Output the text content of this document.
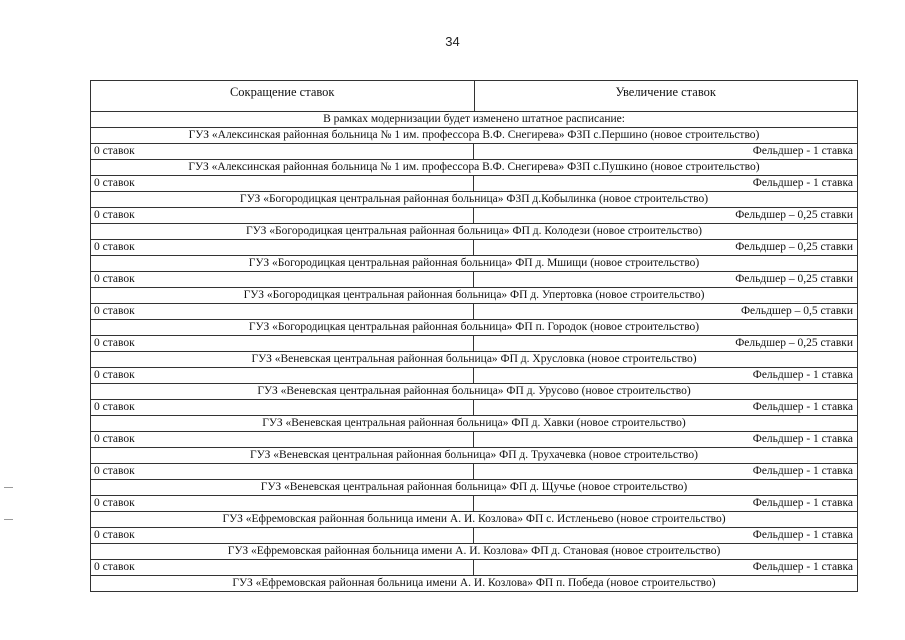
34
Сокращение ставок	Увеличение ставок
В рамках модернизации будет изменено штатное расписание:
ГУЗ «Алексинская районная больница № 1 им. профессора В.Ф. Снегирева» ФЗП с.Першино (новое строительство)
0 ставок	Фельдшер - 1 ставка
ГУЗ «Алексинская районная больница № 1 им. профессора В.Ф. Снегирева» ФЗП с.Пушкино (новое строительство)
0 ставок	Фельдшер - 1 ставка
ГУЗ «Богородицкая центральная районная больница» ФЗП д.Кобылинка (новое строительство)
0 ставок	Фельдшер – 0,25 ставки
ГУЗ «Богородицкая центральная районная больница» ФП д. Колодези (новое строительство)
0 ставок	Фельдшер – 0,25 ставки
ГУЗ «Богородицкая центральная районная больница» ФП д. Мшищи (новое строительство)
0 ставок	Фельдшер – 0,25 ставки
ГУЗ «Богородицкая центральная районная больница» ФП д. Упертовка (новое строительство)
0 ставок	Фельдшер – 0,5 ставки
ГУЗ «Богородицкая центральная районная больница» ФП п. Городок (новое строительство)
0 ставок	Фельдшер – 0,25 ставки
ГУЗ «Веневская центральная районная больница» ФП д. Хрусловка (новое строительство)
0 ставок	Фельдшер - 1 ставка
ГУЗ «Веневская центральная районная больница» ФП д. Урусово (новое строительство)
0 ставок	Фельдшер - 1 ставка
ГУЗ «Веневская центральная районная больница» ФП д. Хавки (новое строительство)
0 ставок	Фельдшер - 1 ставка
ГУЗ «Веневская центральная районная больница» ФП д. Трухачевка (новое строительство)
0 ставок	Фельдшер - 1 ставка
ГУЗ «Веневская центральная районная больница» ФП д. Щучье (новое строительство)
0 ставок	Фельдшер - 1 ставка
ГУЗ «Ефремовская районная больница имени А. И. Козлова» ФП с. Истленьево (новое строительство)
0 ставок	Фельдшер - 1 ставка
ГУЗ «Ефремовская районная больница имени А. И. Козлова» ФП д. Становая (новое строительство)
0 ставок	Фельдшер - 1 ставка
ГУЗ «Ефремовская районная больница имени А. И. Козлова» ФП п. Победа (новое строительство)
